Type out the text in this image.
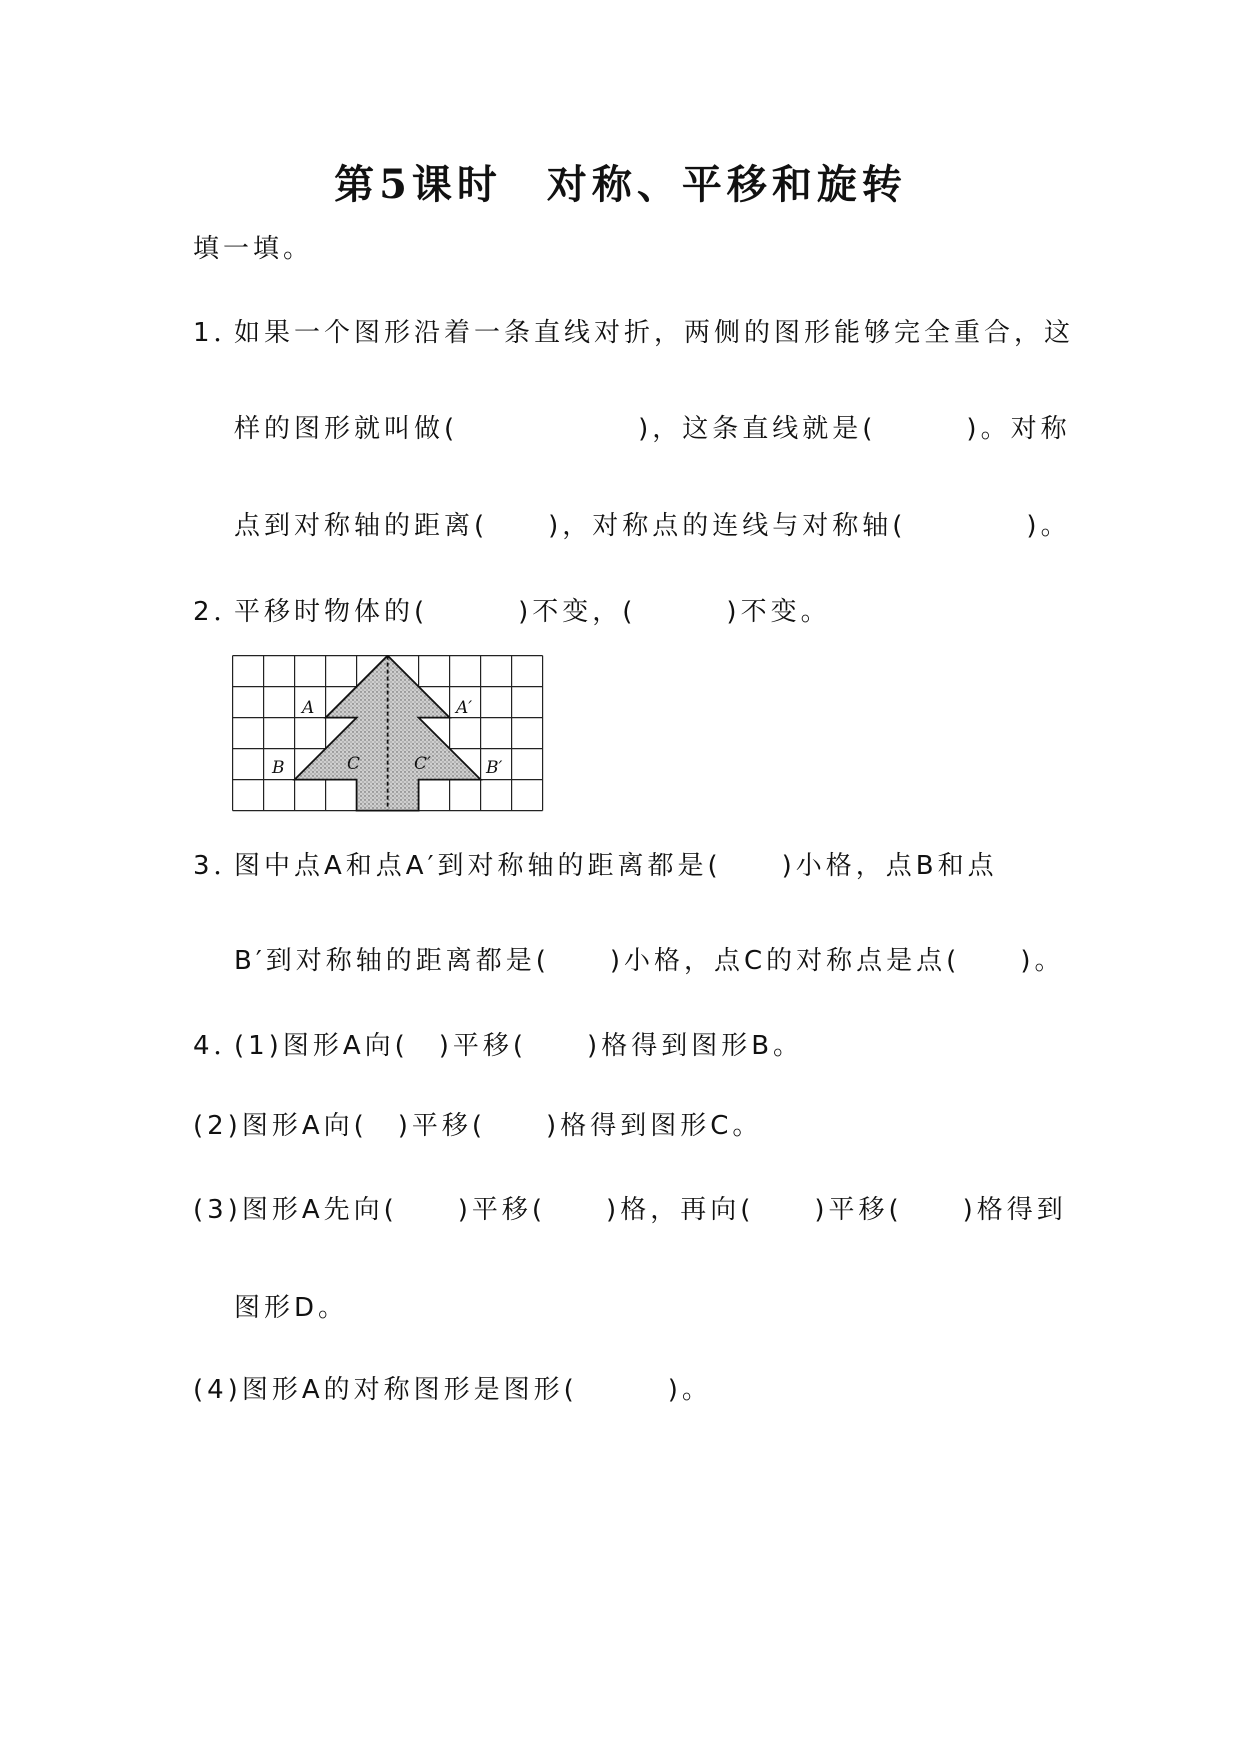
第5课时　对称、平移和旋转
填一填。
1．
如果一个图形沿着一条直线对折，两侧的图形能够完全重合，这
样的图形就叫做(　　　　　　)，这条直线就是(　　　)。对称
点到对称轴的距离(　　)，对称点的连线与对称轴(　　　　)。
2．
平移时物体的(　　　)不变，(　　　)不变。
A	A′
B	B′
C	C′
3．
图中点A和点A′到对称轴的距离都是(　　)小格，点B和点
B′到对称轴的距离都是(　　)小格，点C的对称点是点(　　)。
4．
(1)图形A向(　)平移(　　)格得到图形B。
(2)图形A向(　)平移(　　)格得到图形C。
(3)图形A先向(　　)平移(　　)格，再向(　　)平移(　　)格得到
图形D。
(4)图形A的对称图形是图形(　　　)。
